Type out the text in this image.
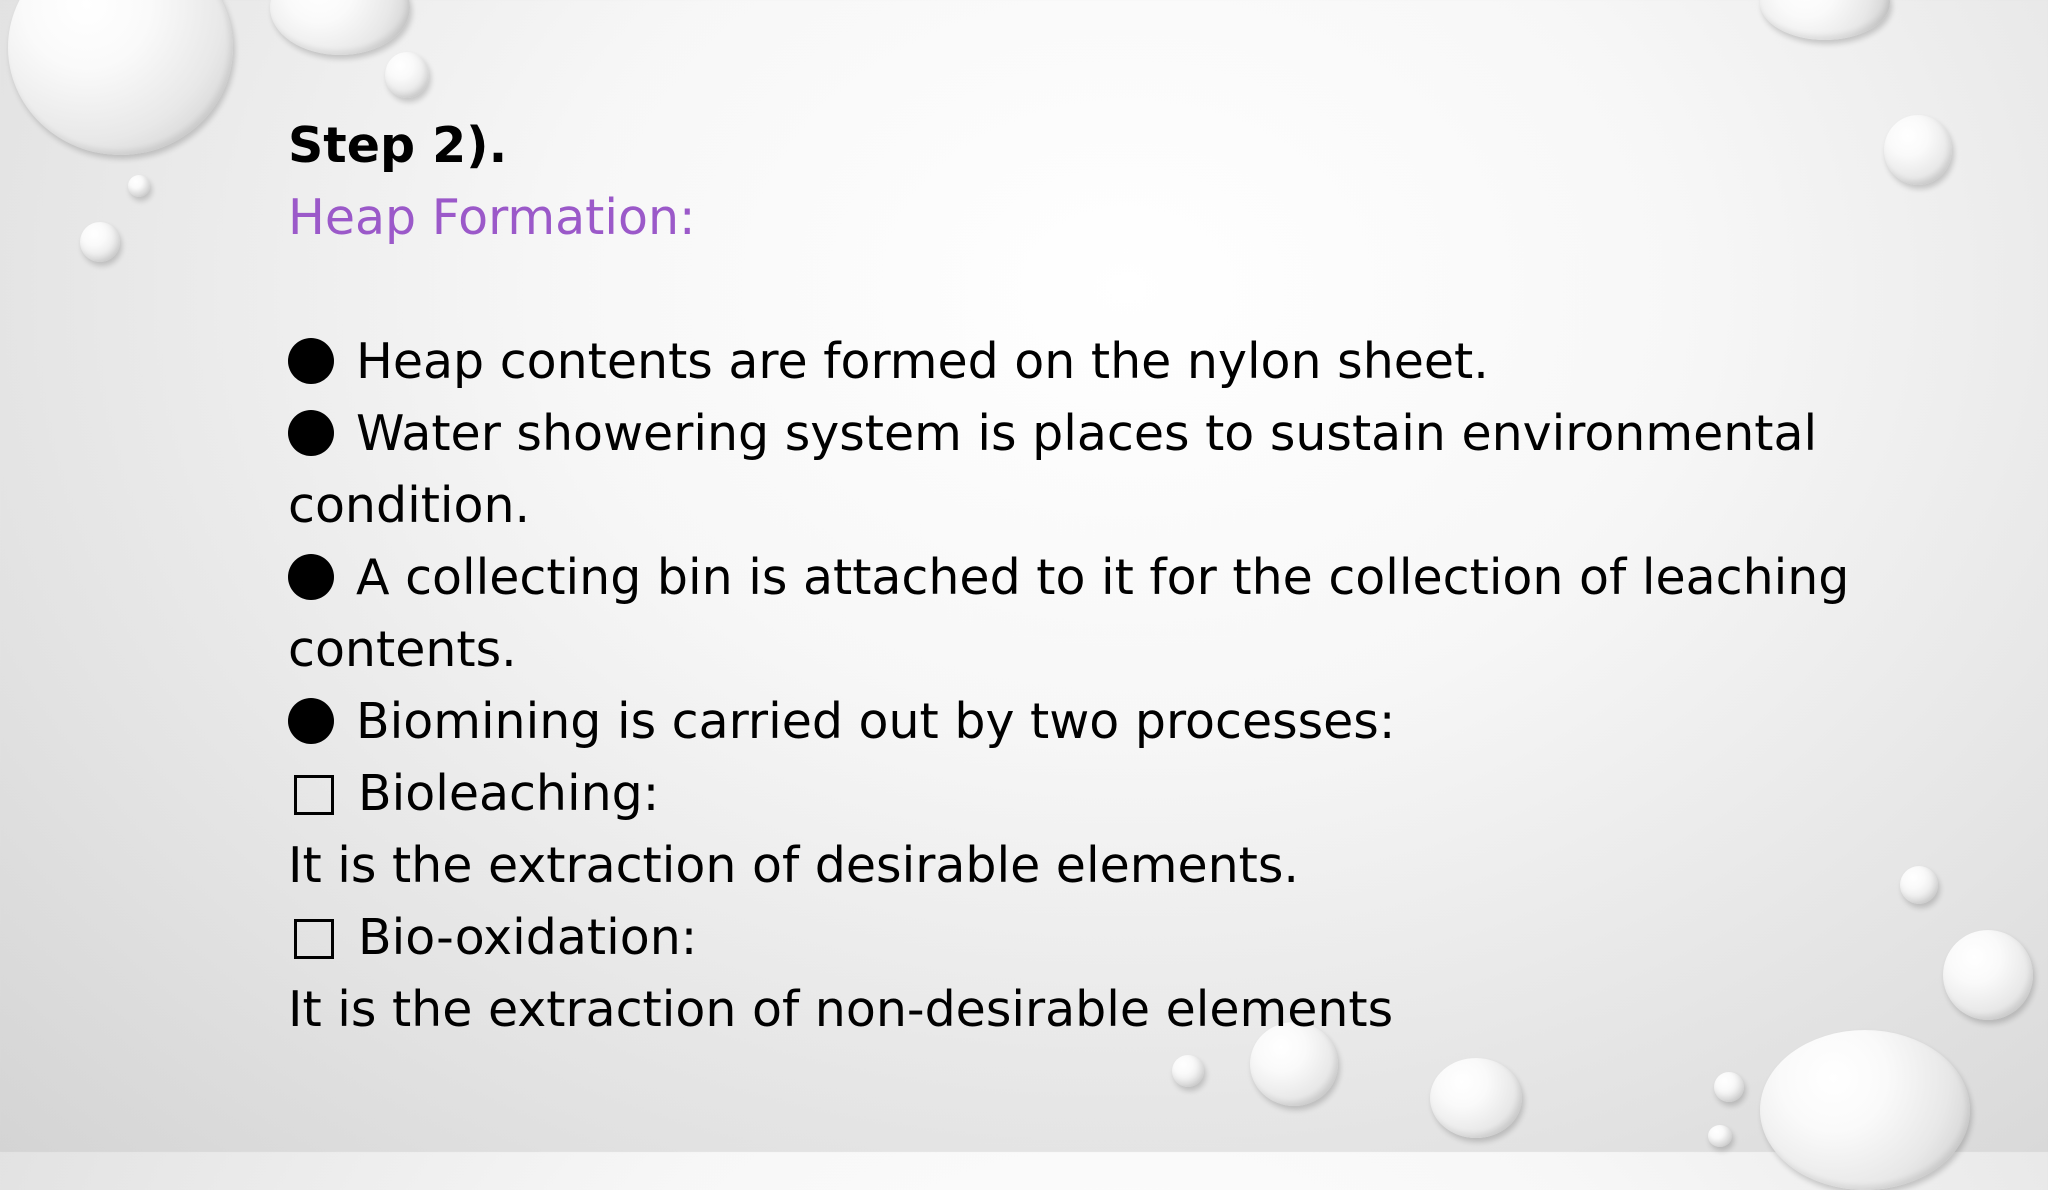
Step 2).
Heap Formation:
Heap contents are formed on the nylon sheet.
Water showering system is places to sustain environmental
condition.
A collecting bin is attached to it for the collection of leaching
contents.
Biomining is carried out by two processes:
Bioleaching:
It is the extraction of desirable elements.
Bio-oxidation:
It is the extraction of non-desirable elements
